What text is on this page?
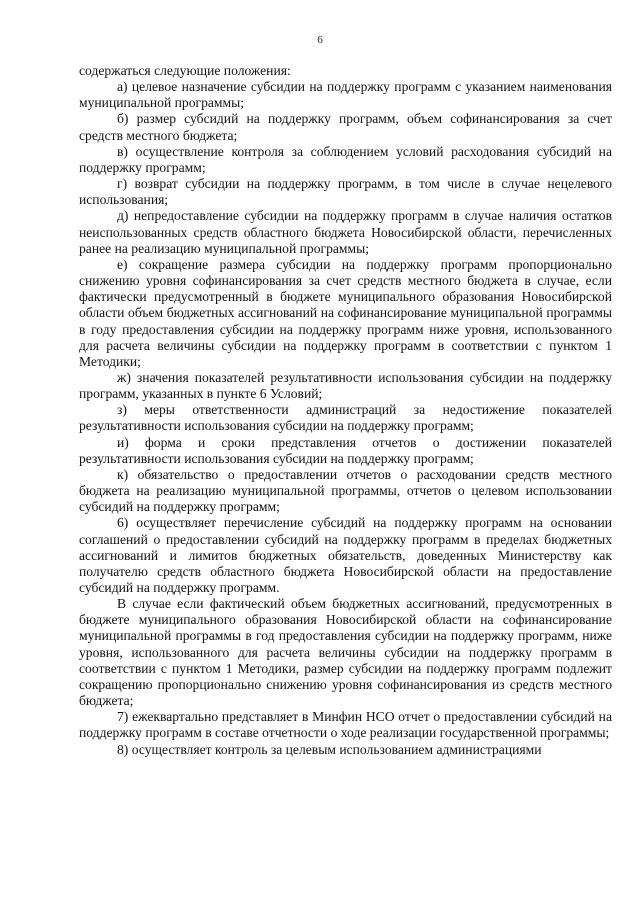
6

содержаться следующие положения:

а) целевое назначение субсидии на поддержку программ с указанием наименования муниципальной программы;

б) размер субсидий на поддержку программ, объем софинансирования за счет средств местного бюджета;

в) осуществление контроля за соблюдением условий расходования субсидий на поддержку программ;

г) возврат субсидии на поддержку программ, в том числе в случае нецелевого использования;

д) непредоставление субсидии на поддержку программ в случае наличия остатков неиспользованных средств областного бюджета Новосибирской области, перечисленных ранее на реализацию муниципальной программы;

е) сокращение размера субсидии на поддержку программ пропорционально снижению уровня софинансирования за счет средств местного бюджета в случае, если фактически предусмотренный в бюджете муниципального образования Новосибирской области объем бюджетных ассигнований на софинансирование муниципальной программы в году предоставления субсидии на поддержку программ ниже уровня, использованного для расчета величины субсидии на поддержку программ в соответствии с пунктом 1 Методики;

ж) значения показателей результативности использования субсидии на поддержку программ, указанных в пункте 6 Условий;

з) меры ответственности администраций за недостижение показателей результативности использования субсидии на поддержку программ;

и) форма и сроки представления отчетов о достижении показателей результативности использования субсидии на поддержку программ;

к) обязательство о предоставлении отчетов о расходовании средств местного бюджета на реализацию муниципальной программы, отчетов о целевом использовании субсидий на поддержку программ;

6) осуществляет перечисление субсидий на поддержку программ на основании соглашений о предоставлении субсидий на поддержку программ в пределах бюджетных ассигнований и лимитов бюджетных обязательств, доведенных Министерству как получателю средств областного бюджета Новосибирской области на предоставление субсидий на поддержку программ.

В случае если фактический объем бюджетных ассигнований, предусмотренных в бюджете муниципального образования Новосибирской области на софинансирование муниципальной программы в год предоставления субсидии на поддержку программ, ниже уровня, использованного для расчета величины субсидии на поддержку программ в соответствии с пунктом 1 Методики, размер субсидии на поддержку программ подлежит сокращению пропорционально снижению уровня софинансирования из средств местного бюджета;

7) ежеквартально представляет в Минфин НСО отчет о предоставлении субсидий на поддержку программ в составе отчетности о ходе реализации государственной программы;

8) осуществляет контроль за целевым использованием администрациями
